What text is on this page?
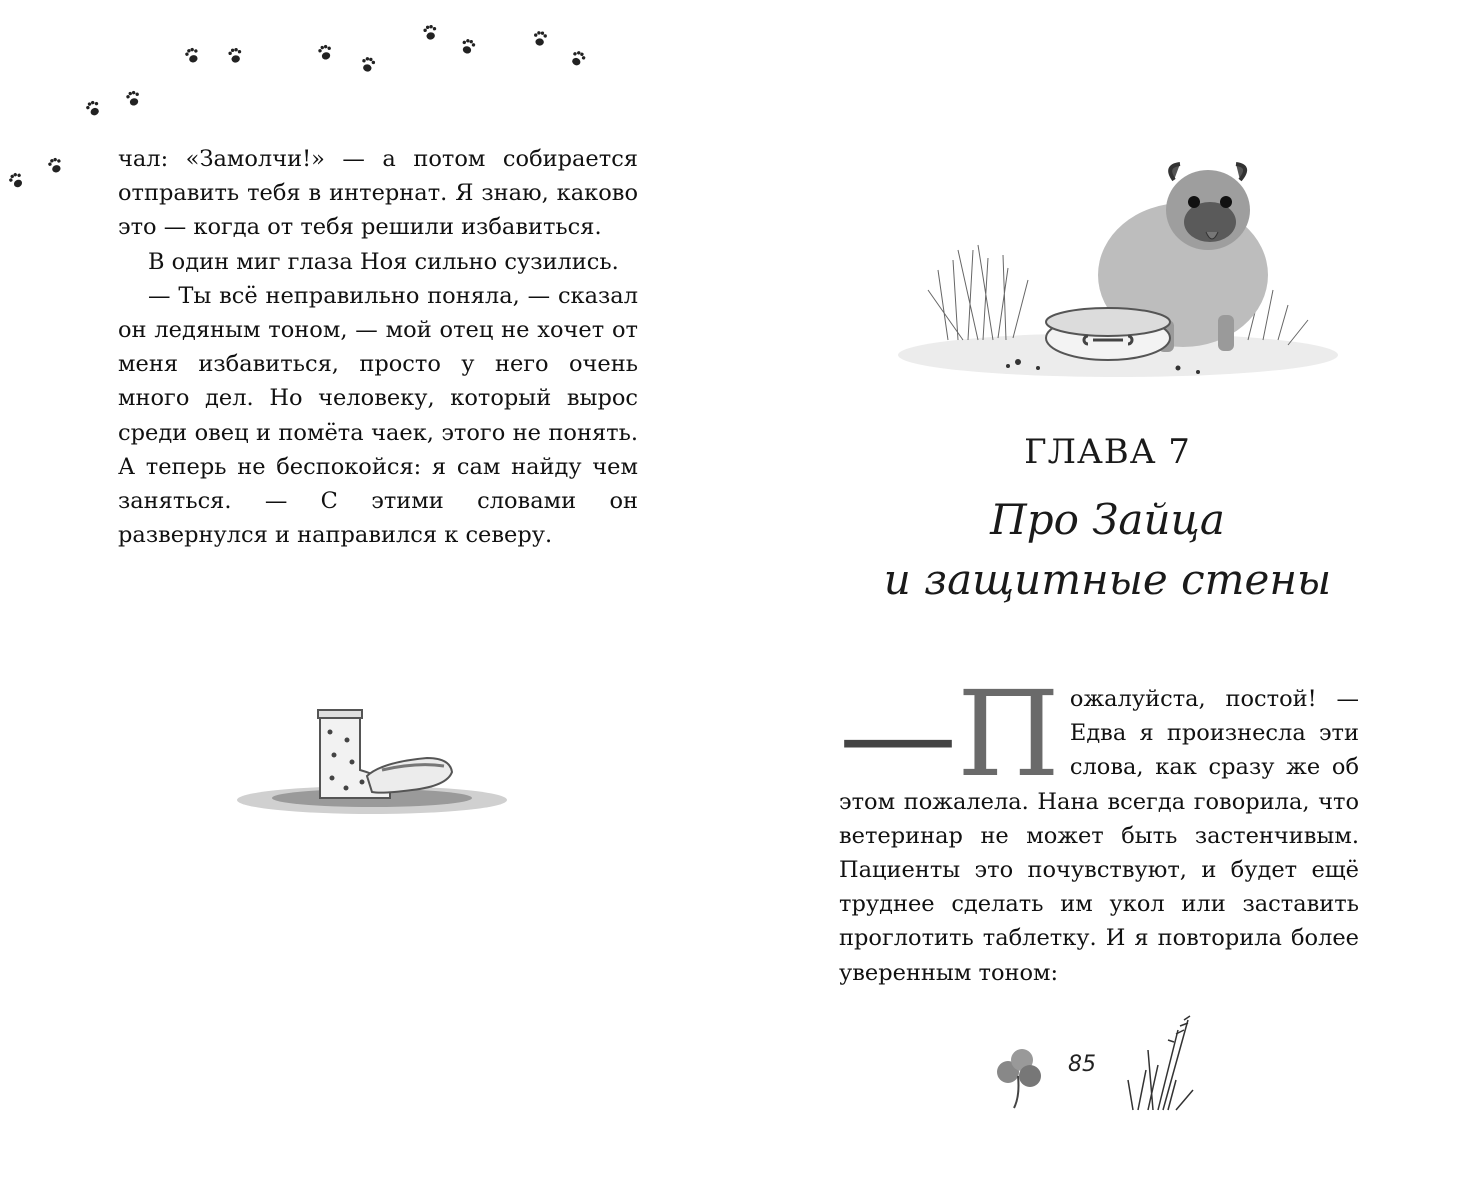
чал: «Замолчи!» — а потом собирается отправить тебя в интернат. Я знаю, каково это — когда от тебя решили избавиться.

В один миг глаза Ноя сильно сузились.

— Ты всё неправильно поняла, — сказал он ледяным тоном, — мой отец не хочет от меня избавиться, просто у него очень много дел. Но человеку, который вырос среди овец и помёта чаек, этого не понять. А теперь не беспокойся: я сам найду чем заняться. — С этими словами он развернулся и направился к северу.

ГЛАВА 7
Про Зайца
и защитные стены
—П ожалуйста, постой! — Едва я произнесла эти слова, как сразу же об этом пожалела. Нана всегда говорила, что ветеринар не может быть застенчивым. Пациенты это почувствуют, и будет ещё труднее сделать им укол или заставить проглотить таблетку. И я повторила более уверенным тоном:

85
